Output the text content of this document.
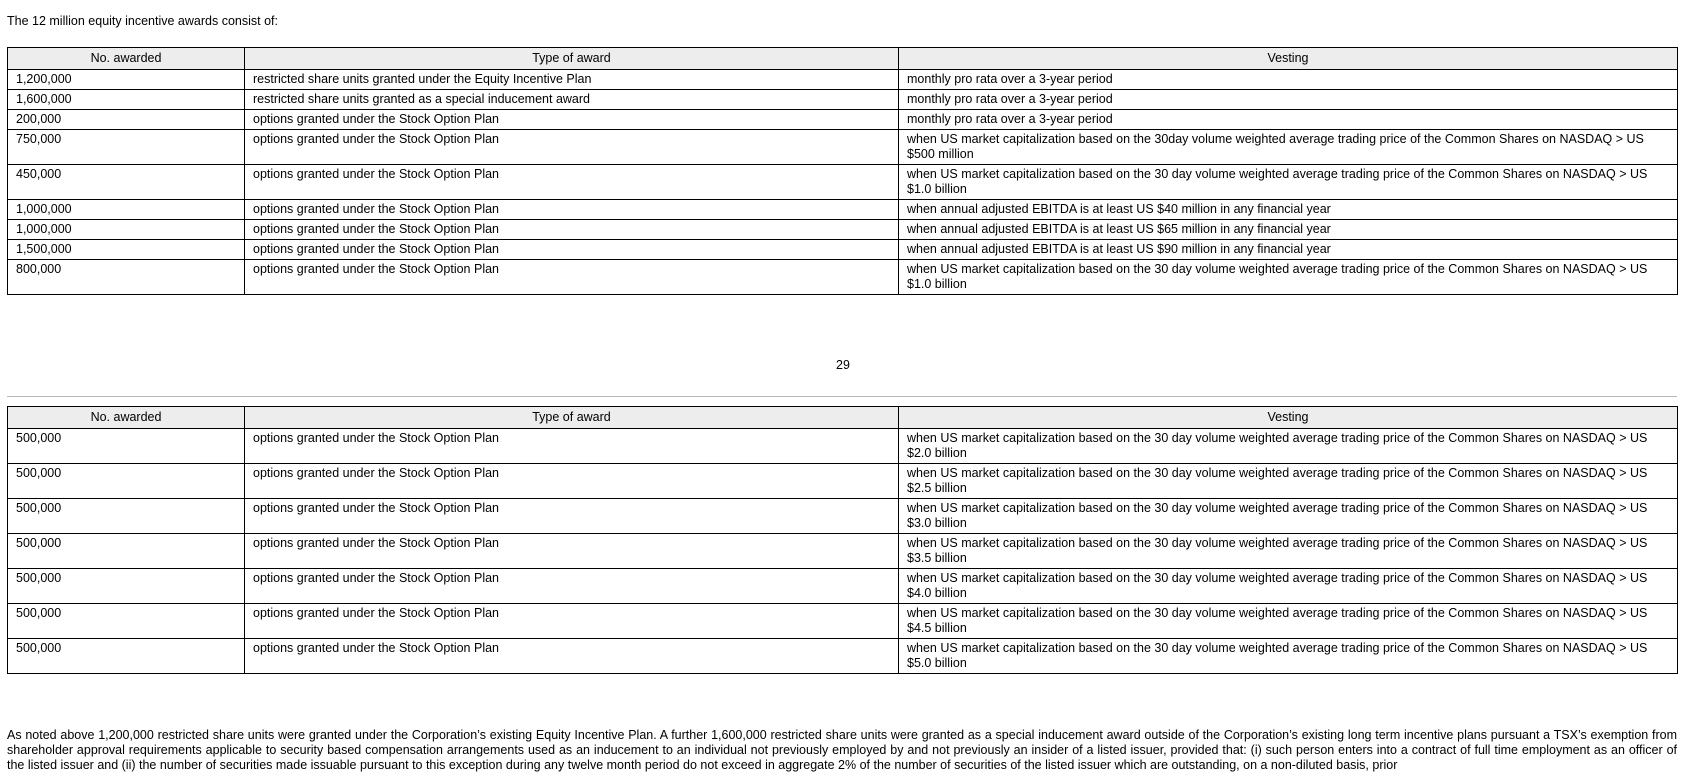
The 12 million equity incentive awards consist of:

No. awarded	Type of award	Vesting
1,200,000	restricted share units granted under the Equity Incentive Plan	monthly pro rata over a 3-year period
1,600,000	restricted share units granted as a special inducement award	monthly pro rata over a 3-year period
200,000	options granted under the Stock Option Plan	monthly pro rata over a 3-year period
750,000	options granted under the Stock Option Plan	when US market capitalization based on the 30day volume weighted average trading price of the Common Shares on NASDAQ > US $500 million
450,000	options granted under the Stock Option Plan	when US market capitalization based on the 30 day volume weighted average trading price of the Common Shares on NASDAQ > US $1.0 billion
1,000,000	options granted under the Stock Option Plan	when annual adjusted EBITDA is at least US $40 million in any financial year
1,000,000	options granted under the Stock Option Plan	when annual adjusted EBITDA is at least US $65 million in any financial year
1,500,000	options granted under the Stock Option Plan	when annual adjusted EBITDA is at least US $90 million in any financial year
800,000	options granted under the Stock Option Plan	when US market capitalization based on the 30 day volume weighted average trading price of the Common Shares on NASDAQ > US $1.0 billion
29
No. awarded	Type of award	Vesting
500,000	options granted under the Stock Option Plan	when US market capitalization based on the 30 day volume weighted average trading price of the Common Shares on NASDAQ > US $2.0 billion
500,000	options granted under the Stock Option Plan	when US market capitalization based on the 30 day volume weighted average trading price of the Common Shares on NASDAQ > US $2.5 billion
500,000	options granted under the Stock Option Plan	when US market capitalization based on the 30 day volume weighted average trading price of the Common Shares on NASDAQ > US $3.0 billion
500,000	options granted under the Stock Option Plan	when US market capitalization based on the 30 day volume weighted average trading price of the Common Shares on NASDAQ > US $3.5 billion
500,000	options granted under the Stock Option Plan	when US market capitalization based on the 30 day volume weighted average trading price of the Common Shares on NASDAQ > US $4.0 billion
500,000	options granted under the Stock Option Plan	when US market capitalization based on the 30 day volume weighted average trading price of the Common Shares on NASDAQ > US $4.5 billion
500,000	options granted under the Stock Option Plan	when US market capitalization based on the 30 day volume weighted average trading price of the Common Shares on NASDAQ > US $5.0 billion

As noted above 1,200,000 restricted share units were granted under the Corporation’s existing Equity Incentive Plan. A further 1,600,000 restricted share units were granted as a special inducement award outside of the Corporation’s existing long term incentive plans pursuant a TSX’s exemption from shareholder approval requirements applicable to security based compensation arrangements used as an inducement to an individual not previously employed by and not previously an insider of a listed issuer, provided that: (i) such person enters into a contract of full time employment as an officer of the listed issuer and (ii) the number of securities made issuable pursuant to this exception during any twelve month period do not exceed in aggregate 2% of the number of securities of the listed issuer which are outstanding, on a non-diluted basis, prior
